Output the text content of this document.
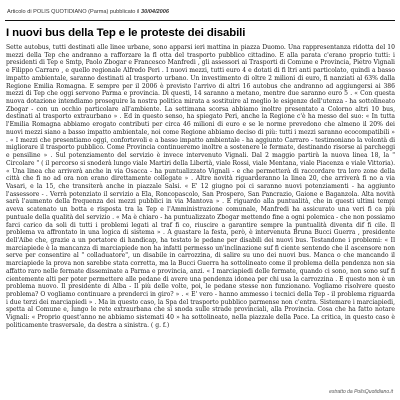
Articolo di POLIS QUOTIDIANO (Parma) pubblicato il 30/04/2006
I nuovi bus della Tep e le proteste dei disabili

Sette autobus, tutti destinati alle linee urbane, sono apparsi ieri mattina in piazza Duomo. Una rappresentanza ridotta del 10 mezzi della Tep che andranno a rafforzare la fl otta del trasporto pubblico cittadino. E alla parata c'erano proprio tutti: i presidenti di Tep e Smtp, Paolo Zbogar e Francesco Manfredi , gli assessori ai Trasporti di Comune e Provincia, Pietro Vignali e Filippo Carraro , e quello regionale Alfredo Peri . I nuovi mezzi, tutti euro 4 e dotati di fi ltri anti particolato, quindi a basso impatto ambientale, saranno destinati al trasporto urbano. Un investimento di oltre 2 milioni di euro, fi nanziati al 63% dalla Regione Emilia Romagna. E sempre per il 2006 è previsto l'arrivo di altri 16 autobus che andranno ad aggiungersi ai 386 mezzi di Tep che oggi servono Parma e provincia. Di questi, 14 saranno a metano, mentre due saranno euro 5 . « Con questa nuova dotazione intendiamo proseguire la nostra politica mirata a sostituire al meglio le esigenze dell'utenza - ha sottolineato Zbogar - con un occhio particolare all'ambiente. La settimana scorsa abbiamo inoltre presentato a Colorno altri 10 bus, destinati al trasporto extraurbano » . Ed in questo senso, ha spiegato Peri, anche la Regione c'è ha messo del suo: « In tutta l'Emilia Romagna abbiamo erogato contributi per circa 46 milioni di euro e se le norme prevedono che almeno il 20% dei nuovi mezzi siano a basso impatto ambientale, noi come Regione abbiamo deciso di più: tutti i mezzi saranno ecocompatibili » . « I mezzi che presentiamo oggi, confortevoli e a basso impatto ambientale - ha aggiunto Carraro - testimoniano la volontà di migliorare il trasporto pubblico. Come Provincia continueremo inoltre a sostenere le fermate, destinando risorse ai parcheggi e pensiline » . Sul potenziamento del servizio è invece intervenuto Vignali. Dal 2 maggio partirà la nuova linea 18, la " Circolare " ( il percorso si snoderà lungo viale Martiri della Libertà, viale Rossi, viale Mentana, viale Piacenza e viale Vittoria). « Una linea che arriverà anche in via Osacca - ha puntualizzato Vignali - e che permetterà di raccordare tra loro zone della città che fi no ad ora non erano direttamente collegate » . Altre novità riguarderanno la linea 20, che arriverà fi no a via Vasari, e la 15, che transiterà anche in piazzale Salsi. « E' 12 giugno poi ci saranno nuovi potenziamenti - ha aggiunto l'assessore - . Verrà potenziato il servizio a Ela, Roncopascolo, San Prospero, San Pancrazio, Gaione e Baganzola. Alta novità sarà l'aumento della frequenza dei mezzi pubblici in via Mantova » . E riguardo alla puntualità, che in questi ultimi tempi aveva scatenato un botta e risposta tra la Tep e l'Amministrazione comunale, Manfredi ha assicurato una veri fi ca più puntuale della qualità del servizio . « Ma è chiaro - ha puntualizzato Zbogar mettendo fine a ogni polemica - che non possiamo farci carico da soli di tutti i problemi legati al traf fi co, riuscire a garantire sempre la puntualità diventa dif fi cile. Il problema va affrontato in una logica di sistema » . A guastare la festa, però, è intervenuta Bruna Bucci Guerra , presidente dell'Aibe che, grazie a un portatore di handicap, ha testato le pedane per disabili dei nuovi bus. Testandone i problemi: « Il marciapiede è la mancanza di marciapiede non ha infatti permesso un'inclinazione suf fi ciente sentendo che il ascensore non serve per consentire al " colladuatore", un disabile in carrozzina, di salire su uno dei nuovi bus. Manca o che mancando il marciapiede la prova non sarebbe stata corretta, ma la Bucci Guerra ha sottolineato come il problema della pendenza non sia affatto raro nelle fermate disseminate a Parma e provincia, anzi. « I marciapiedi delle fermate, quando ci sono, non sono suf fi cientemente alti per poter permettere alle pedane di avere una pendenza idonea per chi usa la carrozzina . E questo non è un problema nuovo. Il presidente di Alba - Il più delle volte, poi, le pedane stesse non funzionano. Vogliamo risolvere questo problema? O vogliamo continuare a prenderci in giro? » . « E' vero - hanno ammesso i tecnici della Tep - il problema riguarda i due terzi dei marciapiedi » . Ma in questo caso, la Spa del trasporto pubblico parmense non c'entra. Sistemare i marciapiedi, spetta al Comune e, lungo le rete extraurbana che si snoda sulle strade provinciali, alla Provincia. Cosa che ha fatto notare Vignali: « Proprio quest'anno ne abbiamo sistemati 40 » ha sottolineato, nella piazzale della Pace. La critica, in questo caso è politicamente trasversale, da destra a sinistra. ( g. f.)

estratto da PolisQuotidiano.it
